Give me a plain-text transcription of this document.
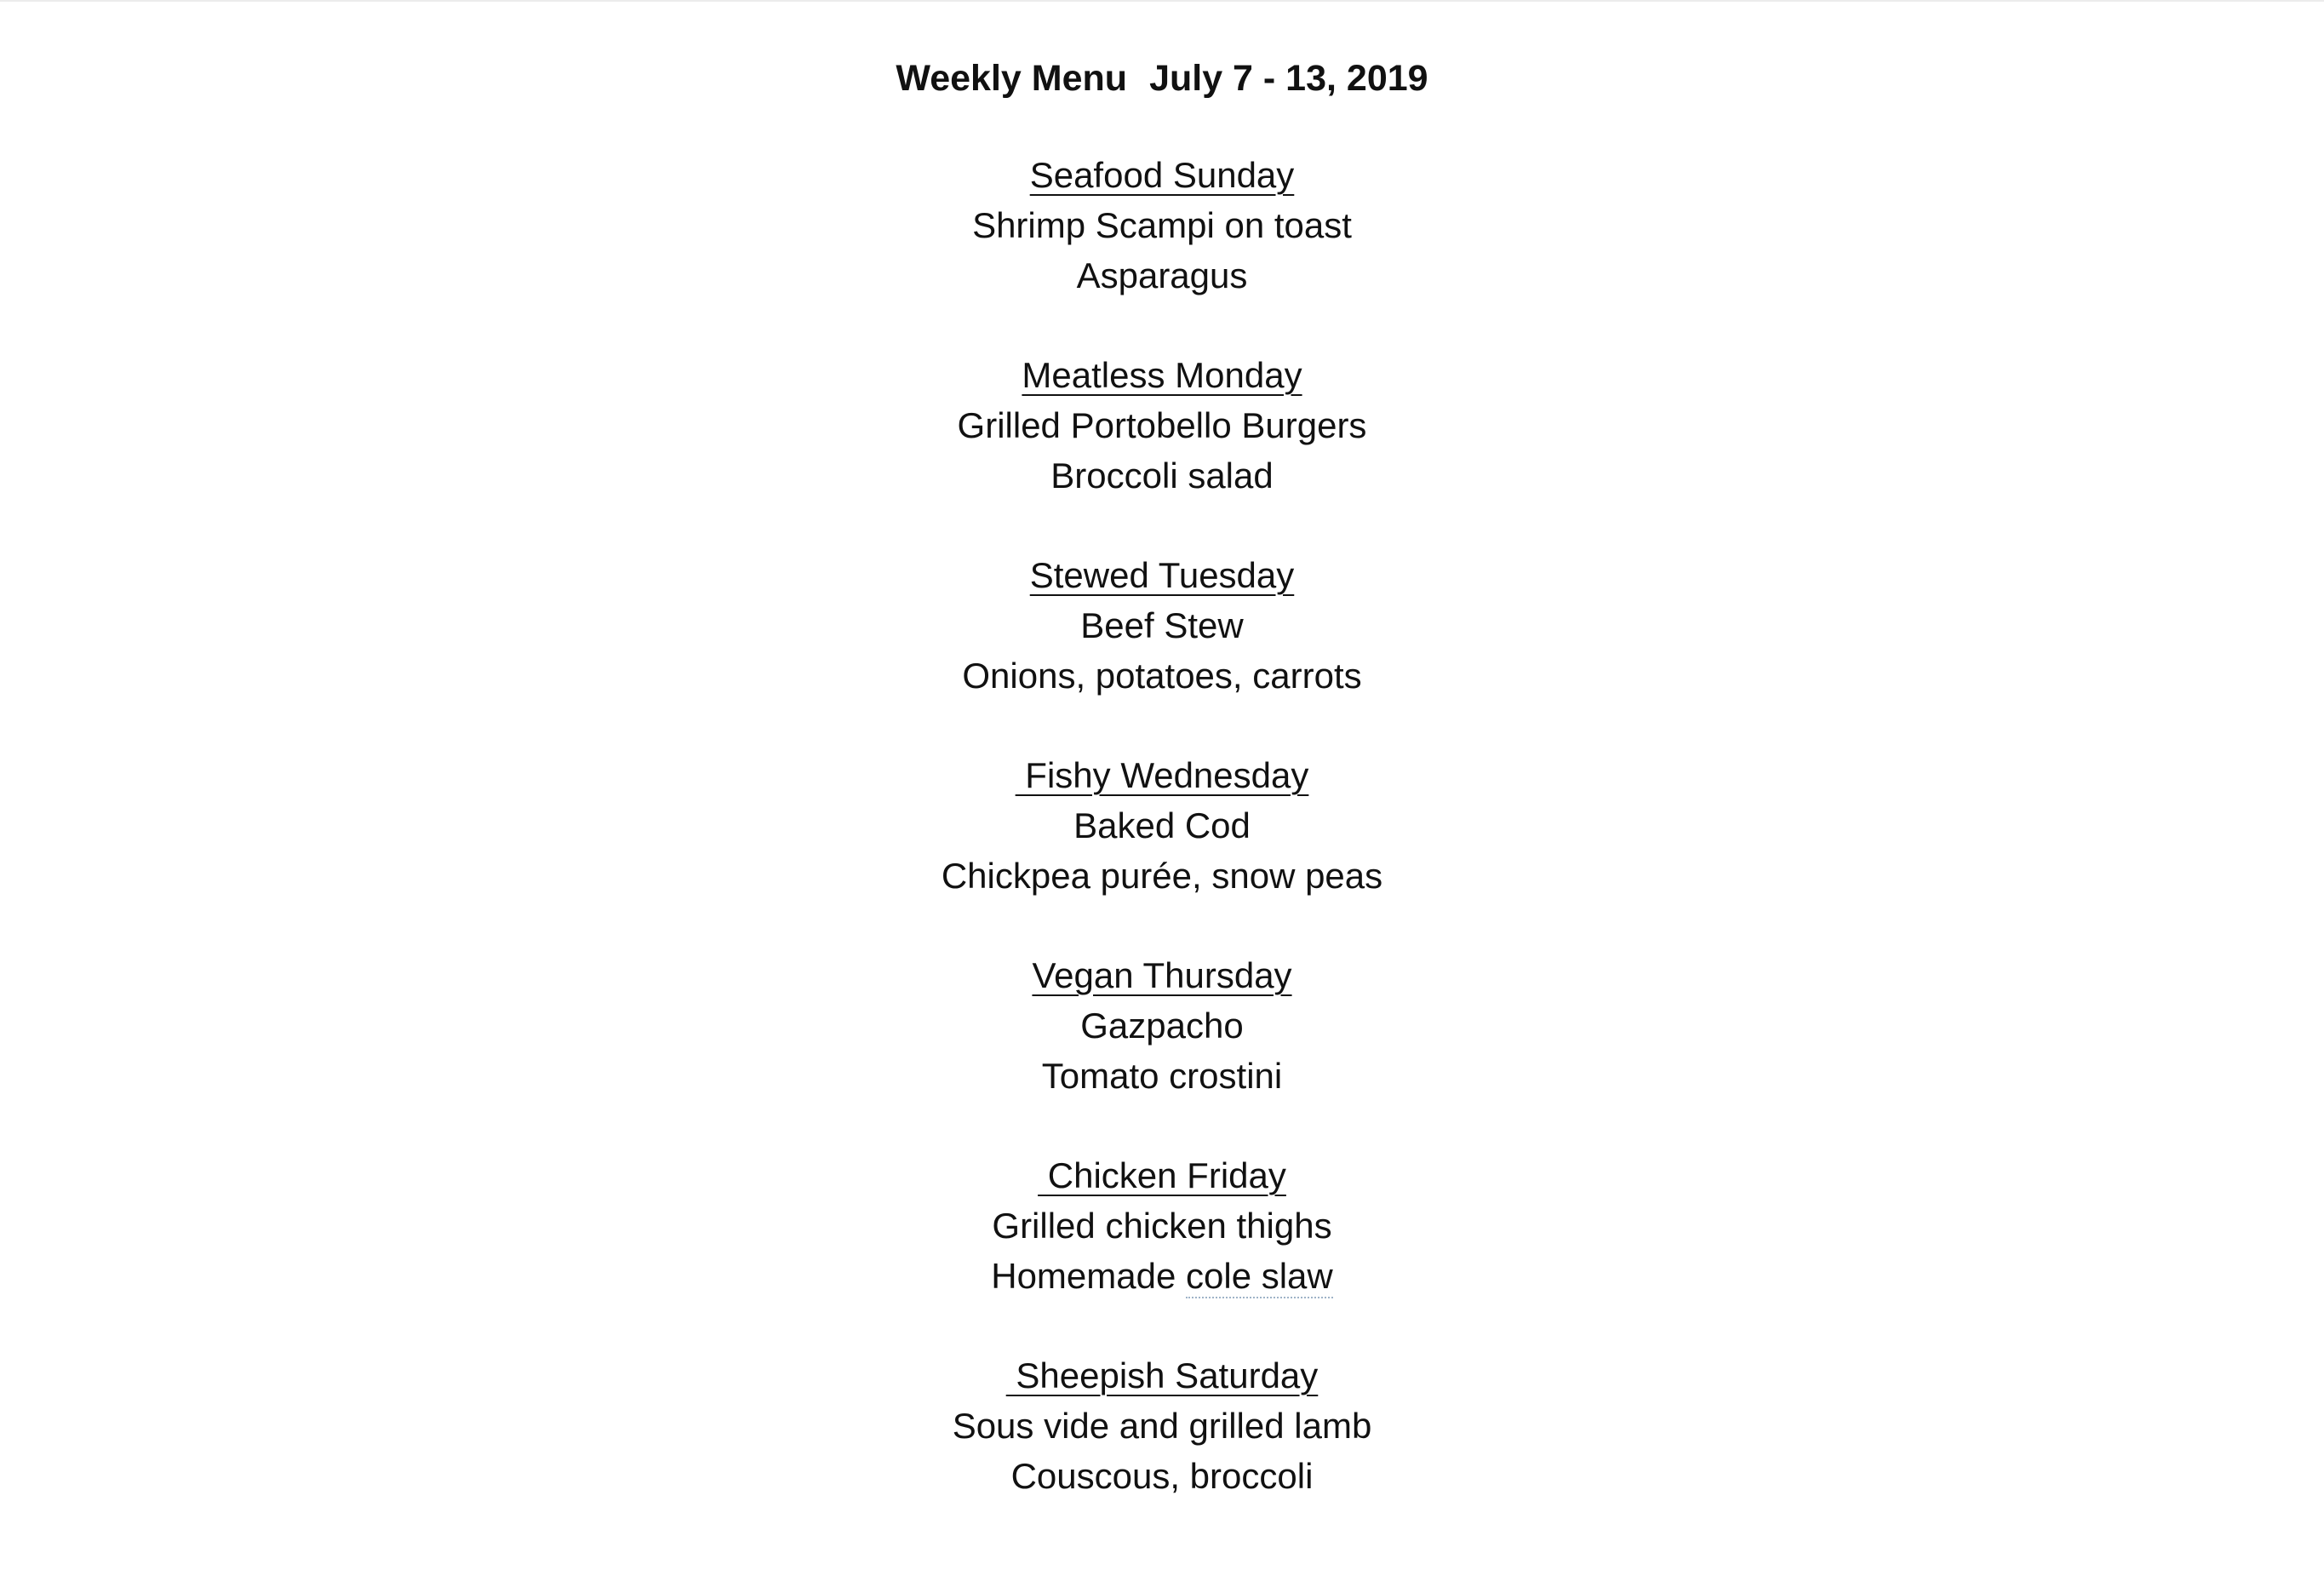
Weekly Menu July 7 - 13, 2019
Seafood Sunday
Shrimp Scampi on toast
Asparagus
Meatless Monday
Grilled Portobello Burgers
Broccoli salad
Stewed Tuesday
Beef Stew
Onions, potatoes, carrots
Fishy Wednesday
Baked Cod
Chickpea purée, snow peas
Vegan Thursday
Gazpacho
Tomato crostini
Chicken Friday
Grilled chicken thighs
Homemade cole slaw
Sheepish Saturday
Sous vide and grilled lamb
Couscous, broccoli
